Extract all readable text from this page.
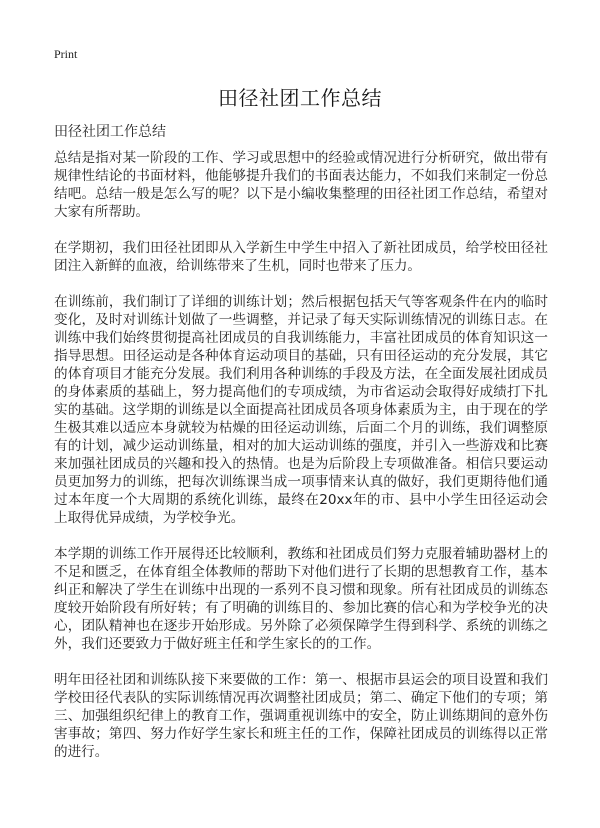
Print
田径社团工作总结
田径社团工作总结

总结是指对某一阶段的工作、学习或思想中的经验或情况进行分析研究，做出带有规律性结论的书面材料，他能够提升我们的书面表达能力，不如我们来制定一份总结吧。总结一般是怎么写的呢？以下是小编收集整理的田径社团工作总结，希望对大家有所帮助。

在学期初，我们田径社团即从入学新生中学生中招入了新社团成员，给学校田径社团注入新鲜的血液，给训练带来了生机，同时也带来了压力。

在训练前，我们制订了详细的训练计划；然后根据包括天气等客观条件在内的临时变化，及时对训练计划做了一些调整，并记录了每天实际训练情况的训练日志。在训练中我们始终贯彻提高社团成员的自我训练能力，丰富社团成员的体育知识这一指导思想。田径运动是各种体育运动项目的基础，只有田径运动的充分发展，其它的体育项目才能充分发展。我们利用各种训练的手段及方法，在全面发展社团成员的身体素质的基础上，努力提高他们的专项成绩，为市省运动会取得好成绩打下扎实的基础。这学期的训练是以全面提高社团成员各项身体素质为主，由于现在的学生极其难以适应本身就较为枯燥的田径运动训练，后面二个月的训练，我们调整原有的计划，减少运动训练量，相对的加大运动训练的强度，并引入一些游戏和比赛来加强社团成员的兴趣和投入的热情。也是为后阶段上专项做准备。相信只要运动员更加努力的训练，把每次训练课当成一项事情来认真的做好，我们更期待他们通过本年度一个大周期的系统化训练，最终在20xx年的市、县中小学生田径运动会上取得优异成绩，为学校争光。

本学期的训练工作开展得还比较顺利，教练和社团成员们努力克服着辅助器材上的不足和匮乏，在体育组全体教师的帮助下对他们进行了长期的思想教育工作，基本纠正和解决了学生在训练中出现的一系列不良习惯和现象。所有社团成员的训练态度较开始阶段有所好转；有了明确的训练目的、参加比赛的信心和为学校争光的决心，团队精神也在逐步开始形成。另外除了必须保障学生得到科学、系统的训练之外，我们还要致力于做好班主任和学生家长的的工作。

明年田径社团和训练队接下来要做的工作：第一、根据市县运会的项目设置和我们学校田径代表队的实际训练情况再次调整社团成员；第二、确定下他们的专项；第三、加强组织纪律上的教育工作，强调重视训练中的安全，防止训练期间的意外伤害事故；第四、努力作好学生家长和班主任的工作，保障社团成员的训练得以正常的进行。
